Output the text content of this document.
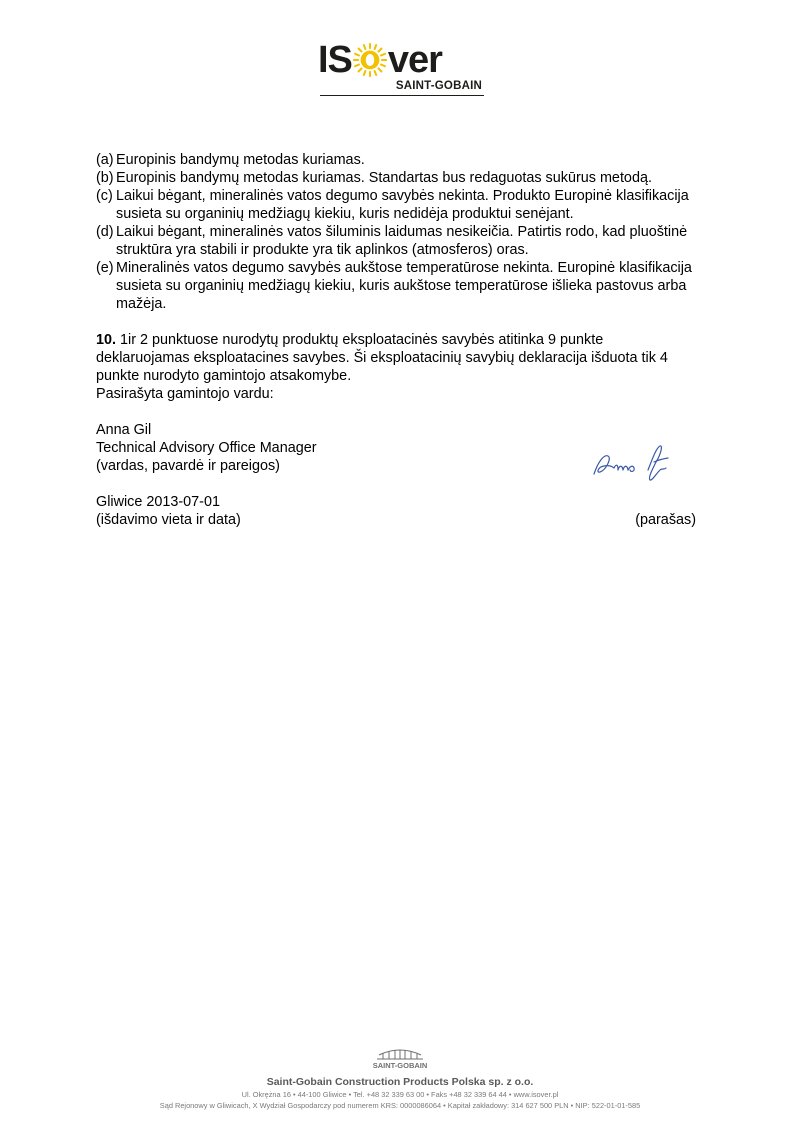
IS ver
SAINT-GOBAIN
(a) Europinis bandymų metodas kuriamas.
(b) Europinis bandymų metodas kuriamas. Standartas bus redaguotas sukūrus metodą.
(c) Laikui bėgant, mineralinės vatos degumo savybės nekinta. Produkto Europinė klasifikacija susieta su organinių medžiagų kiekiu, kuris nedidėja produktui senėjant.
(d) Laikui bėgant, mineralinės vatos šiluminis laidumas nesikeičia. Patirtis rodo, kad pluoštinė struktūra yra stabili ir produkte yra tik aplinkos (atmosferos) oras.
(e) Mineralinės vatos degumo savybės aukštose temperatūrose nekinta. Europinė klasifikacija susieta su organinių medžiagų kiekiu, kuris aukštose temperatūrose išlieka pastovus arba mažėja.
10. 1ir 2 punktuose nurodytų produktų eksploatacinės savybės atitinka 9 punkte deklaruojamas eksploatacines savybes. Ši eksploatacinių savybių deklaracija išduota tik 4 punkte nurodyto gamintojo atsakomybe.
Pasirašyta gamintojo vardu:
Anna Gil
Technical Advisory Office Manager
(vardas, pavardė ir pareigos)
Gliwice 2013-07-01
(išdavimo vieta ir data)	(parašas)
SAINT-GOBAIN
Saint-Gobain Construction Products Polska sp. z o.o.
Ul. Okrężna 16 • 44-100 Gliwice • Tel. +48 32 339 63 00 • Faks +48 32 339 64 44 • www.isover.pl
Sąd Rejonowy w Gliwicach, X Wydział Gospodarczy pod numerem KRS: 0000086064 • Kapitał zakładowy: 314 627 500 PLN • NIP: 522-01-01-585
